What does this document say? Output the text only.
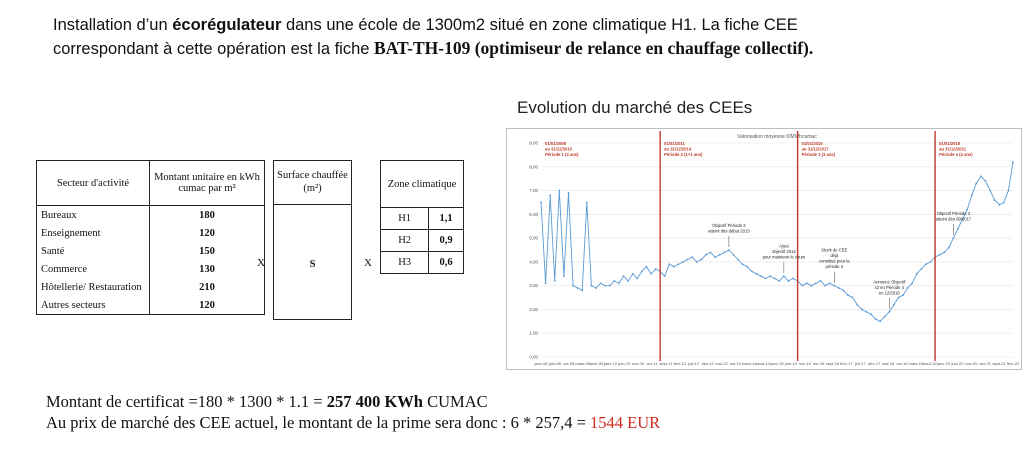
Installation d’un écorégulateur dans une école de 1300m2 situé en zone climatique H1. La fiche CEE
correspondant à cette opération est la fiche BAT-TH-109 (optimiseur de relance en chauffage collectif).
Evolution du marché des CEEs
Secteur d'activité	Montant unitaire en kWh cumac par m²
Bureaux	180
Enseignement	120
Santé	150
Commerce	130
Hôtellerie/ Restauration	210
Autres secteurs	120
X
Surface chauffée
(m²)
S	X
Zone climatique	
H1	1,1
H2	0,9
H3	0,6
Valorisation moyenne €/MWhcumac
0,00
1,00
2,00
3,00
4,00
5,00
6,00
7,00
8,00
9,00
janv-08 juin-08 oct-08 mars-09 août-09 janv-10 juin-10 nov-10 avr-11 sept-11 févr-12 juil-12 déc-12 mai-13 oct-13 mars-14 août-14 janv-15 juin-15 nov-15 avr-16 sept-16 févr-17 juil-17 déc-17 mai-18 oct-18 mars-19 août-19 janv-20 juin-20 nov-20 avr-21 sept-21 févr-22
01/01/2008
au 31/12/2010
Période 1 (3 ans)
01/01/2011
au 31/12/2014
Période 2 (1+1 ans)
01/01/2015
au 31/12/2017
Période 3 (3 ans)
01/01/2018
au 31/12/2021
Période 4 (4 ans)
Objectif Période 2
atteint dès début 2013
Ajout
objectif 2014
pour maintenir le cours
Stock de CEE
déjà
constitué pour la
période 3
Annonce Objectif
x2 en Période 4
en 12/2016
Objectif Période 3
atteint dès 09/2017
Montant de certificat =180 * 1300 * 1.1 = 257 400 KWh CUMAC
Au prix de marché des CEE actuel, le montant de la prime sera donc : 6 * 257,4 = 1544 EUR
